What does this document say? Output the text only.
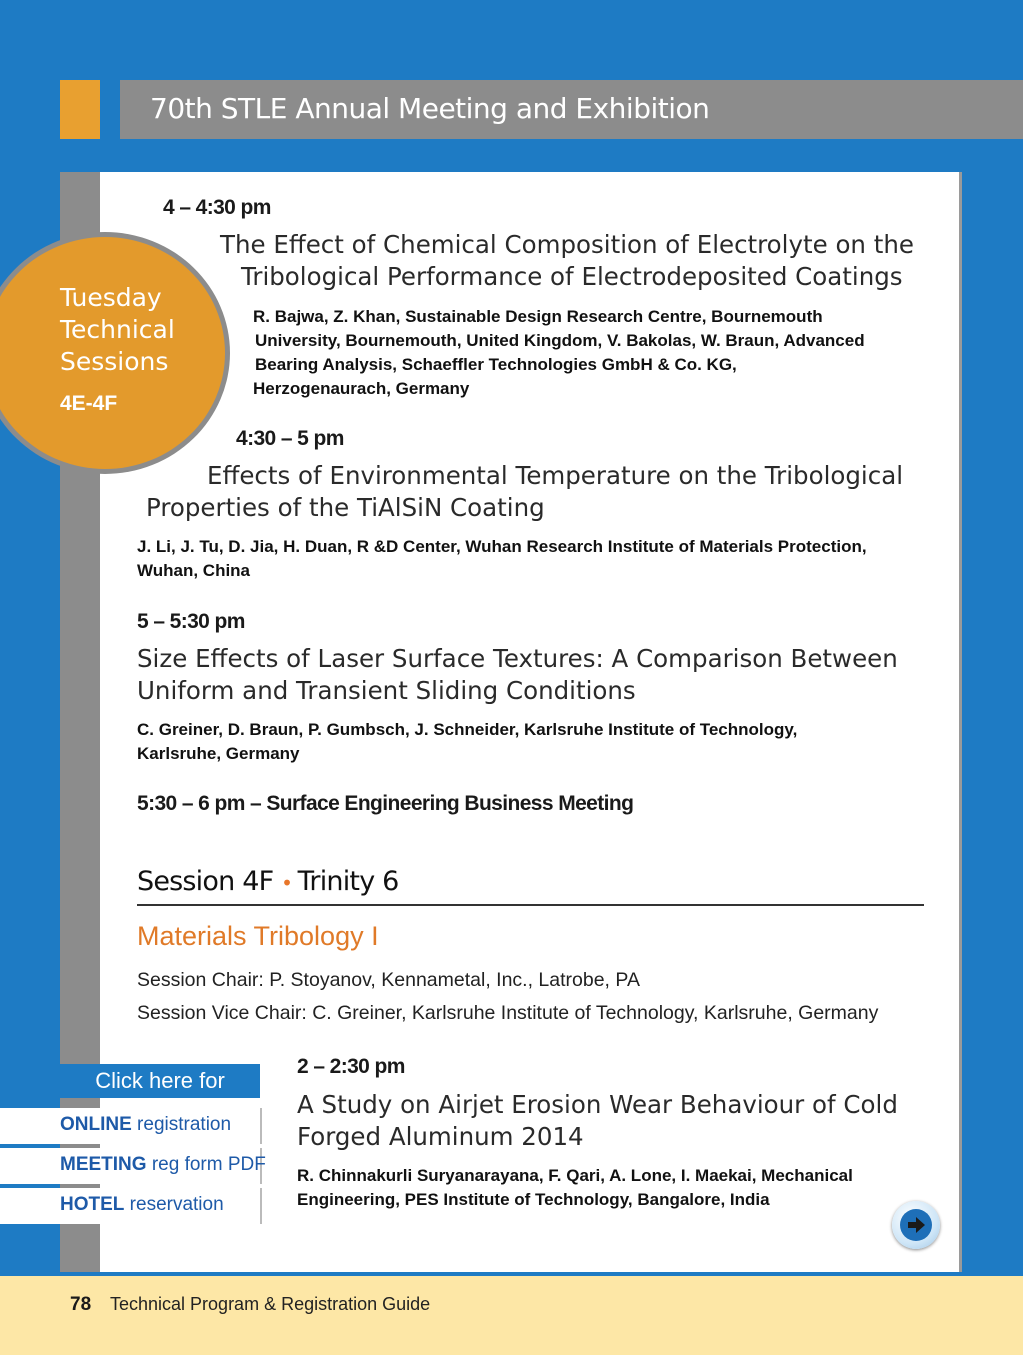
70th STLE Annual Meeting and Exhibition
Tuesday
Technical
Sessions
4E-4F
4 – 4:30 pm
The Effect of Chemical Composition of Electrolyte on the
Tribological Performance of Electrodeposited Coatings
R. Bajwa, Z. Khan, Sustainable Design Research Centre, Bournemouth
University, Bournemouth, United Kingdom, V. Bakolas, W. Braun, Advanced
Bearing Analysis, Schaeffler Technologies GmbH & Co. KG,
Herzogenaurach, Germany
4:30 – 5 pm
Effects of Environmental Temperature on the Tribological
Properties of the TiAlSiN Coating
J. Li, J. Tu, D. Jia, H. Duan, R &D Center, Wuhan Research Institute of Materials Protection,
Wuhan, China
5 – 5:30 pm
Size Effects of Laser Surface Textures: A Comparison Between
Uniform and Transient Sliding Conditions
C. Greiner, D. Braun, P. Gumbsch, J. Schneider, Karlsruhe Institute of Technology,
Karlsruhe, Germany
5:30 – 6 pm – Surface Engineering Business Meeting
Session 4F • Trinity 6
Materials Tribology I
Session Chair: P. Stoyanov, Kennametal, Inc., Latrobe, PA
Session Vice Chair: C. Greiner, Karlsruhe Institute of Technology, Karlsruhe, Germany
2 – 2:30 pm
A Study on Airjet Erosion Wear Behaviour of Cold
Forged Aluminum 2014
R. Chinnakurli Suryanarayana, F. Qari, A. Lone, I. Maekai, Mechanical
Engineering, PES Institute of Technology, Bangalore, India
Click here for
ONLINE registration
MEETING reg form PDF
HOTEL reservation
78 Technical Program & Registration Guide
